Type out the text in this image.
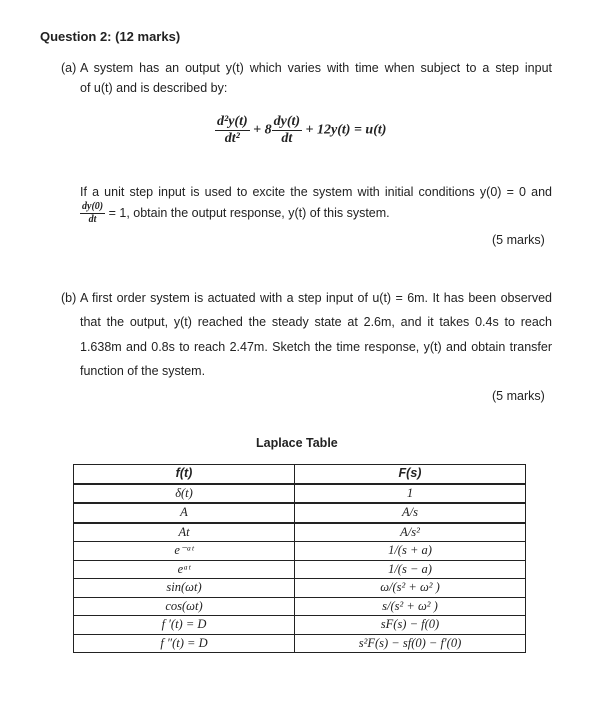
Question 2: (12 marks)
(a) A system has an output y(t) which varies with time when subject to a step input
of u(t) and is described by:
$\frac{\text{d²y(t)}}{\text{dt²}} + 8 \frac{dy(t)}{dt} + 12y(t) = u(t)$
If a unit step input is used to excite the system with initial conditions y(0) = 0 and
$\frac{dy(0)}{dt} = 1$, obtain the output response, y(t) of this system.
(5 marks)
(b) A first order system is actuated with a step input of u(t) = 6m. It has been observed
that the output, y(t) reached the steady state at 2.6m, and it takes 0.4s to reach
1.638m and 0.8s to reach 2.47m. Sketch the time response, y(t) and obtain transfer
function of the system.
(5 marks)
Laplace Table
f(t)	F(s)
δ(t)	1
A	A/s
At	A/s²
e⁻ᵃᵗ	1/(s + a)
eᵃᵗ	1/(s − a)
sin(ωt)	ω/(s² + ω² )
cos(ωt)	s/(s² + ω² )
f ′(t) = D	sF(s) − f(0)
f ″(t) = D	s²F(s) − sf(0) − f′(0)
